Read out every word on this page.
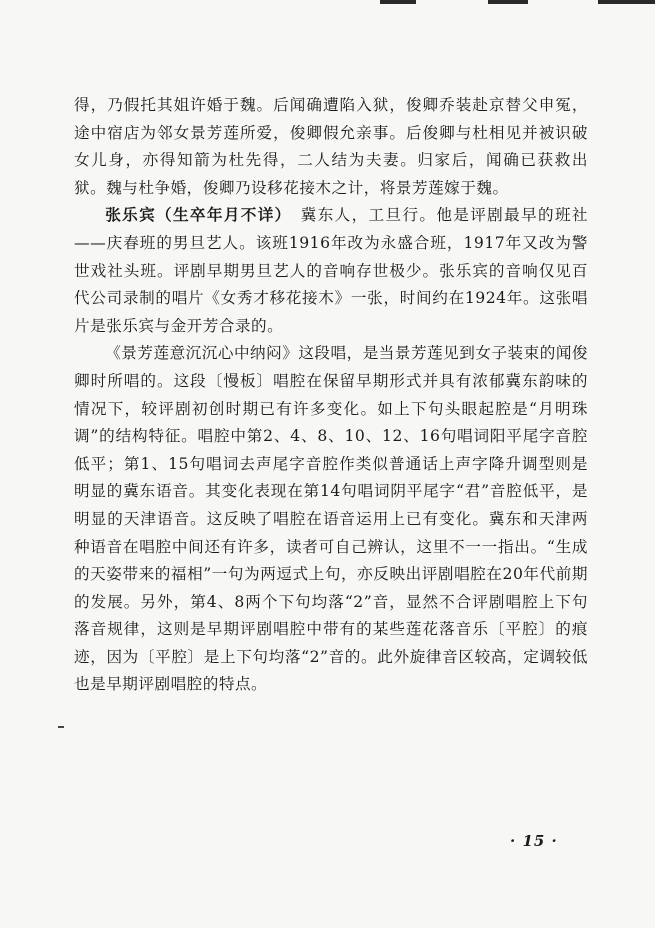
得，乃假托其姐许婚于魏。后闻确遭陷入狱，俊卿乔装赴京替父申冤，途中宿店为邻女景芳莲所爱，俊卿假允亲事。后俊卿与杜相见并被识破女儿身，亦得知箭为杜先得，二人结为夫妻。归家后，闻确已获救出狱。魏与杜争婚，俊卿乃设移花接木之计，将景芳莲嫁于魏。

张乐宾（生卒年月不详）　冀东人，工旦行。他是评剧最早的班社——庆春班的男旦艺人。该班1916年改为永盛合班，1917年又改为警世戏社头班。评剧早期男旦艺人的音响存世极少。张乐宾的音响仅见百代公司录制的唱片《女秀才移花接木》一张，时间约在1924年。这张唱片是张乐宾与金开芳合录的。

《景芳莲意沉沉心中纳闷》这段唱，是当景芳莲见到女子装束的闻俊卿时所唱的。这段〔慢板〕唱腔在保留早期形式并具有浓郁冀东韵味的情况下，较评剧初创时期已有许多变化。如上下句头眼起腔是“月明珠调”的结构特征。唱腔中第2、4、8、10、12、16句唱词阳平尾字音腔低平；第1、15句唱词去声尾字音腔作类似普通话上声字降升调型则是明显的冀东语音。其变化表现在第14句唱词阴平尾字“君”音腔低平，是明显的天津语音。这反映了唱腔在语音运用上已有变化。冀东和天津两种语音在唱腔中间还有许多，读者可自己辨认，这里不一一指出。“生成的天姿带来的福相”一句为两逗式上句，亦反映出评剧唱腔在20年代前期的发展。另外，第4、8两个下句均落“2”音，显然不合评剧唱腔上下句落音规律，这则是早期评剧唱腔中带有的某些莲花落音乐〔平腔〕的痕迹，因为〔平腔〕是上下句均落“2”音的。此外旋律音区较高，定调较低也是早期评剧唱腔的特点。

· 15 ·
